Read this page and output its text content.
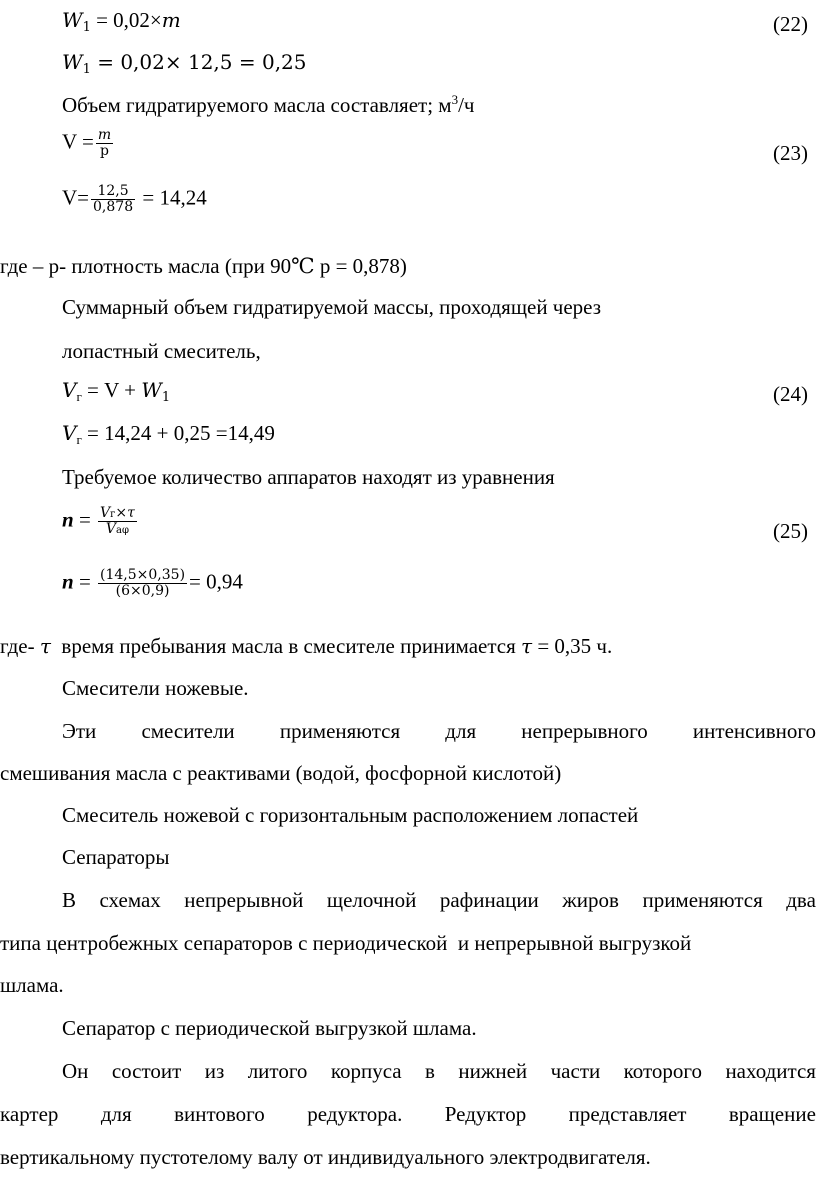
$W_1 = 0,02\times m$	(22)
$W_1 = 0,02\times 12,5 = 0,25$
Объем гидратируемого масла составляет; $м^3/ч$
$V = \frac{m}{p}$	(23)
$V= \frac{12,5}{0,878} = 14,24$
где – р- плотность масла (при 90℃ р = 0,878)
Суммарный объем гидратируемой массы, проходящей через
лопастный смеситель,
$V_г = V + W_1$	(24)
$V_г = 14,24 + 0,25 =14,49$
Требуемое количество аппаратов находят из уравнения
$n = \frac{Vг\times\tau}{\text{Vаφ}}$	(25)
$n = \frac{(14,5\times 0,35)}{(6\times 0,9)} = 0,94$
где- τ  время пребывания масла в смесителе принимается τ = 0,35 ч.
Смесители ножевые.
Эти смесители применяются для непрерывного интенсивного
смешивания масла с реактивами (водой, фосфорной кислотой)
Смеситель ножевой с горизонтальным расположением лопастей
Сепараторы
В схемах непрерывной щелочной рафинации жиров применяются два
типа центробежных сепараторов с периодической  и непрерывной выгрузкой
шлама.
Сепаратор с периодической выгрузкой шлама.
Он состоит из литого корпуса в нижней части которого находится
картер для винтового редуктора. Редуктор представляет вращение
вертикальному пустотелому валу от индивидуального электродвигателя.
